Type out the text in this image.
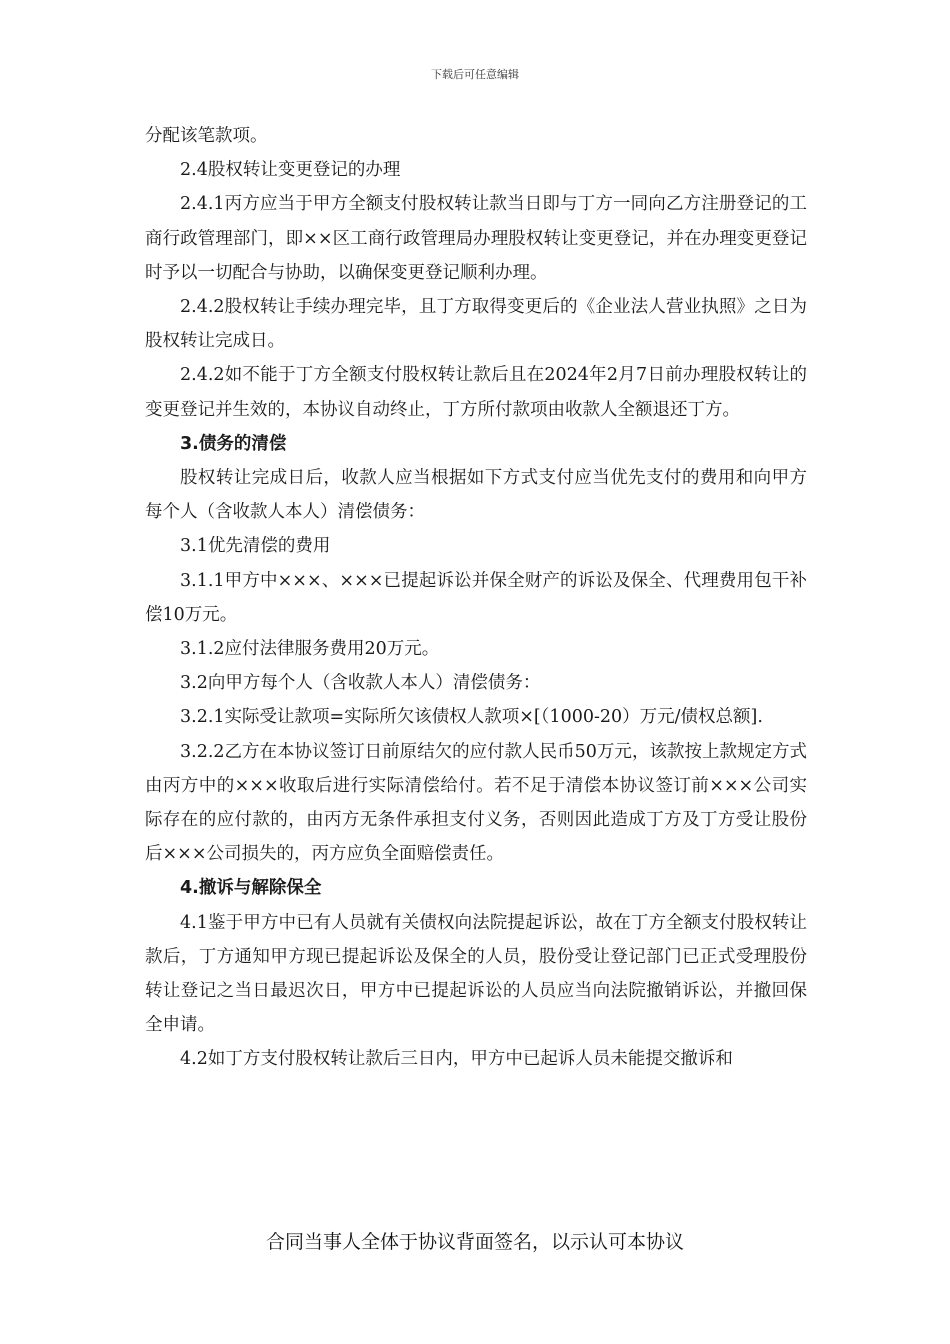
下载后可任意编辑

分配该笔款项。

2.4股权转让变更登记的办理

2.4.1丙方应当于甲方全额支付股权转让款当日即与丁方一同向乙方注册登记的工商行政管理部门，即××区工商行政管理局办理股权转让变更登记，并在办理变更登记时予以一切配合与协助，以确保变更登记顺利办理。

2.4.2股权转让手续办理完毕，且丁方取得变更后的《企业法人营业执照》之日为股权转让完成日。

2.4.2如不能于丁方全额支付股权转让款后且在2024年2月7日前办理股权转让的变更登记并生效的，本协议自动终止，丁方所付款项由收款人全额退还丁方。

3.债务的清偿

股权转让完成日后，收款人应当根据如下方式支付应当优先支付的费用和向甲方每个人（含收款人本人）清偿债务：

3.1优先清偿的费用

3.1.1甲方中×××、×××已提起诉讼并保全财产的诉讼及保全、代理费用包干补偿10万元。

3.1.2应付法律服务费用20万元。

3.2向甲方每个人（含收款人本人）清偿债务：

3.2.1实际受让款项=实际所欠该债权人款项×[（1000-20）万元/债权总额].

3.2.2乙方在本协议签订日前原结欠的应付款人民币50万元，该款按上款规定方式由丙方中的×××收取后进行实际清偿给付。若不足于清偿本协议签订前×××公司实际存在的应付款的，由丙方无条件承担支付义务，否则因此造成丁方及丁方受让股份后×××公司损失的，丙方应负全面赔偿责任。

4.撤诉与解除保全

4.1鉴于甲方中已有人员就有关债权向法院提起诉讼，故在丁方全额支付股权转让款后，丁方通知甲方现已提起诉讼及保全的人员，股份受让登记部门已正式受理股份转让登记之当日最迟次日，甲方中已提起诉讼的人员应当向法院撤销诉讼，并撤回保全申请。

4.2如丁方支付股权转让款后三日内，甲方中已起诉人员未能提交撤诉和

合同当事人全体于协议背面签名，以示认可本协议
